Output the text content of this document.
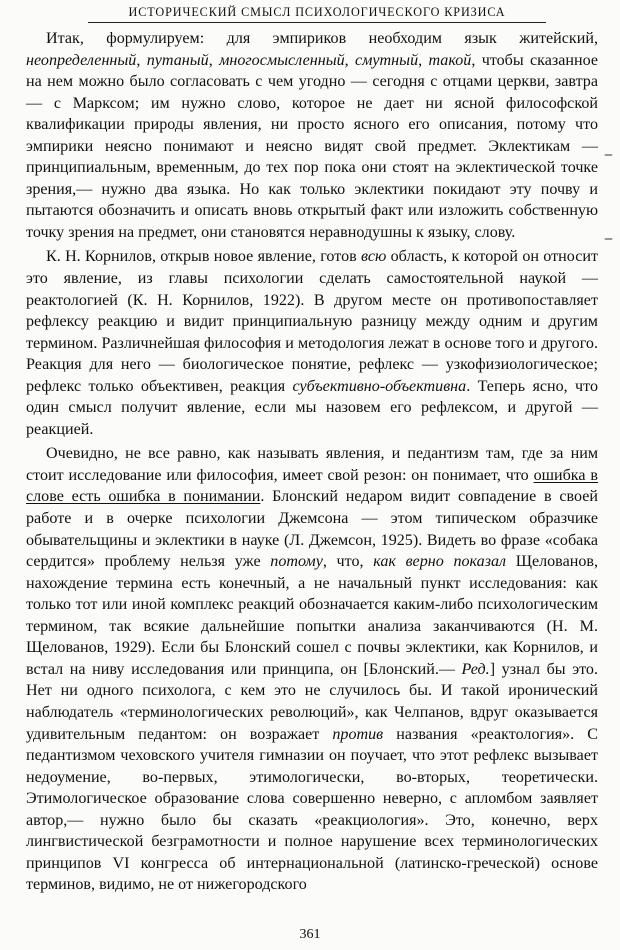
ИСТОРИЧЕСКИЙ СМЫСЛ ПСИХОЛОГИЧЕСКОГО КРИЗИСА

Итак, формулируем: для эмпириков необходим язык житейский, неопределенный, путаный, многосмысленный, смутный, такой, чтобы сказанное на нем можно было согласовать с чем угодно — сегодня с отцами церкви, завтра — с Марксом; им нужно слово, которое не дает ни ясной философской квалификации природы явления, ни просто ясного его описания, потому что эмпирики неясно понимают и неясно видят свой предмет. Эклектикам — принципиальным, временным, до тех пор пока они стоят на эклектической точке зрения,— нужно два языка. Но как только эклектики покидают эту почву и пытаются обозначить и описать вновь открытый факт или изложить собственную точку зрения на предмет, они становятся неравнодушны к языку, слову.

К. Н. Корнилов, открыв новое явление, готов всю область, к которой он относит это явление, из главы психологии сделать самостоятельной наукой — реактологией (К. Н. Корнилов, 1922). В другом месте он противопоставляет рефлексу реакцию и видит принципиальную разницу между одним и другим термином. Различнейшая философия и методология лежат в основе того и другого. Реакция для него — биологическое понятие, рефлекс — узкофизиологическое; рефлекс только объективен, реакция субъективно-объективна. Теперь ясно, что один смысл получит явление, если мы назовем его рефлексом, и другой — реакцией.

Очевидно, не все равно, как называть явления, и педантизм там, где за ним стоит исследование или философия, имеет свой резон: он понимает, что ошибка в слове есть ошибка в понимании. Блонский недаром видит совпадение в своей работе и в очерке психологии Джемсона — этом типическом образчике обывательщины и эклектики в науке (Л. Джемсон, 1925). Видеть во фразе «собака сердится» проблему нельзя уже потому, что, как верно показал Щелованов, нахождение термина есть конечный, а не начальный пункт исследования: как только тот или иной комплекс реакций обозначается каким-либо психологическим термином, так всякие дальнейшие попытки анализа заканчиваются (Н. М. Щелованов, 1929). Если бы Блонский сошел с почвы эклектики, как Корнилов, и встал на ниву исследования или принципа, он [Блонский.— Ред.] узнал бы это. Нет ни одного психолога, с кем это не случилось бы. И такой иронический наблюдатель «терминологических революций», как Челпанов, вдруг оказывается удивительным педантом: он возражает против названия «реактология». С педантизмом чеховского учителя гимназии он поучает, что этот рефлекс вызывает недоумение, во-первых, этимологически, во-вторых, теоретически. Этимологическое образование слова совершенно неверно, с апломбом заявляет автор,— нужно было бы сказать «реакциология». Это, конечно, верх лингвистической безграмотности и полное нарушение всех терминологических принципов VI конгресса об интернациональной (латинско-греческой) основе терминов, видимо, не от нижегородского

‒
‒
361
